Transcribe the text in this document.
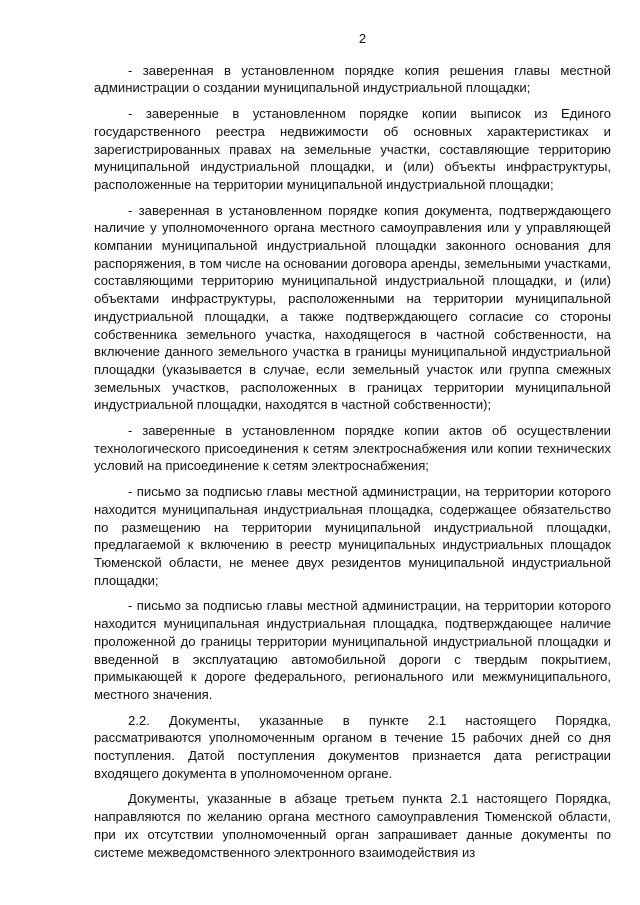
2

- заверенная в установленном порядке копия решения главы местной администрации о создании муниципальной индустриальной площадки;

- заверенные в установленном порядке копии выписок из Единого государственного реестра недвижимости об основных характеристиках и зарегистрированных правах на земельные участки, составляющие территорию муниципальной индустриальной площадки, и (или) объекты инфраструктуры, расположенные на территории муниципальной индустриальной площадки;

- заверенная в установленном порядке копия документа, подтверждающего наличие у уполномоченного органа местного самоуправления или у управляющей компании муниципальной индустриальной площадки законного основания для распоряжения, в том числе на основании договора аренды, земельными участками, составляющими территорию муниципальной индустриальной площадки, и (или) объектами инфраструктуры, расположенными на территории муниципальной индустриальной площадки, а также подтверждающего согласие со стороны собственника земельного участка, находящегося в частной собственности, на включение данного земельного участка в границы муниципальной индустриальной площадки (указывается в случае, если земельный участок или группа смежных земельных участков, расположенных в границах территории муниципальной индустриальной площадки, находятся в частной собственности);

- заверенные в установленном порядке копии актов об осуществлении технологического присоединения к сетям электроснабжения или копии технических условий на присоединение к сетям электроснабжения;

- письмо за подписью главы местной администрации, на территории которого находится муниципальная индустриальная площадка, содержащее обязательство по размещению на территории муниципальной индустриальной площадки, предлагаемой к включению в реестр муниципальных индустриальных площадок Тюменской области, не менее двух резидентов муниципальной индустриальной площадки;

- письмо за подписью главы местной администрации, на территории которого находится муниципальная индустриальная площадка, подтверждающее наличие проложенной до границы территории муниципальной индустриальной площадки и введенной в эксплуатацию автомобильной дороги с твердым покрытием, примыкающей к дороге федерального, регионального или межмуниципального, местного значения.

2.2. Документы, указанные в пункте 2.1 настоящего Порядка, рассматриваются уполномоченным органом в течение 15 рабочих дней со дня поступления. Датой поступления документов признается дата регистрации входящего документа в уполномоченном органе.

Документы, указанные в абзаце третьем пункта 2.1 настоящего Порядка, направляются по желанию органа местного самоуправления Тюменской области, при их отсутствии уполномоченный орган запрашивает данные документы по системе межведомственного электронного взаимодействия из
